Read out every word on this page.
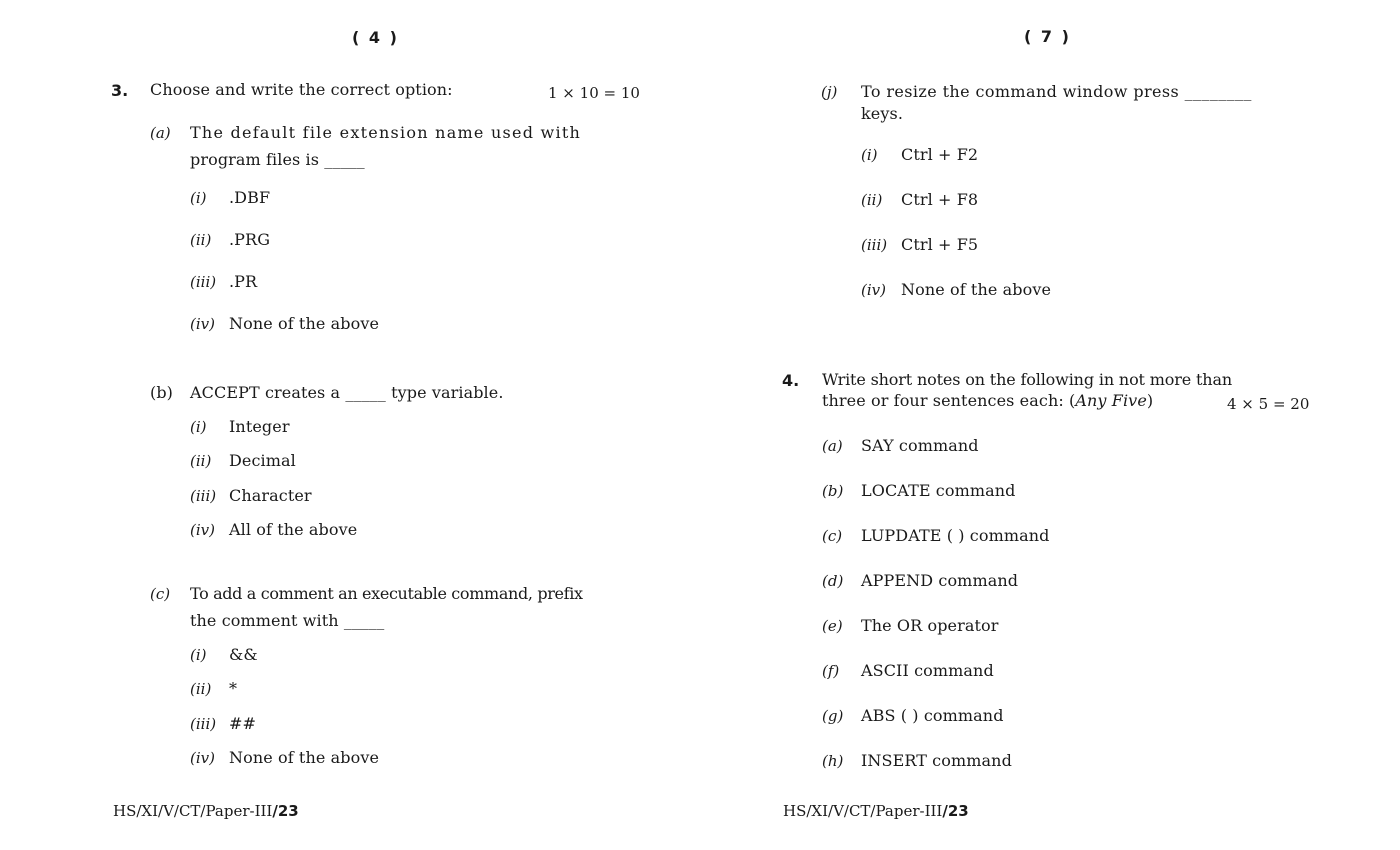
( 4 )
3. Choose and write the correct option:	1 × 10 = 10
(a) The default file extension name used with
program files is _____
(i) .DBF
(ii) .PRG
(iii) .PR
(iv) None of the above
(b) ACCEPT creates a _____ type variable.
(i) Integer
(ii) Decimal
(iii) Character
(iv) All of the above
(c) To add a comment an executable command, prefix
the comment with _____
(i) &&
(ii) *
(iii) ##
(iv) None of the above
HS/XI/V/CT/Paper-III/23
( 7 )
(j) To resize the command window press ________
keys.
(i) Ctrl + F2
(ii) Ctrl + F8
(iii) Ctrl + F5
(iv) None of the above
4. Write short notes on the following in not more than
three or four sentences each: (Any Five)	4 × 5 = 20
(a) SAY command
(b) LOCATE command
(c) LUPDATE ( ) command
(d) APPEND command
(e) The OR operator
(f) ASCII command
(g) ABS ( ) command
(h) INSERT command
HS/XI/V/CT/Paper-III/23
